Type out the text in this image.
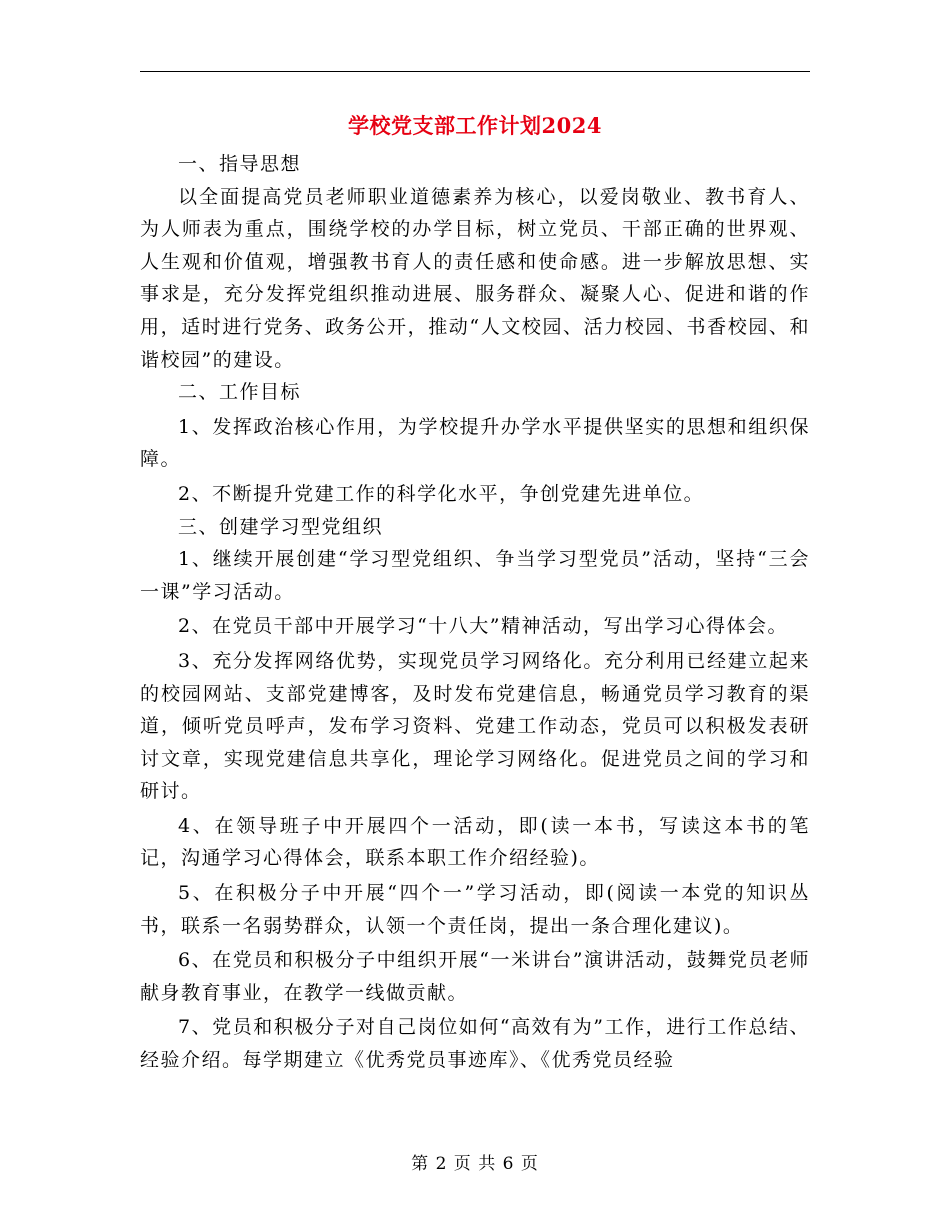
学校党支部工作计划2024

一、指导思想

以全面提高党员老师职业道德素养为核心，以爱岗敬业、教书育人、为人师表为重点，围绕学校的办学目标，树立党员、干部正确的世界观、人生观和价值观，增强教书育人的责任感和使命感。进一步解放思想、实事求是，充分发挥党组织推动进展、服务群众、凝聚人心、促进和谐的作用，适时进行党务、政务公开，推动“人文校园、活力校园、书香校园、和谐校园”的建设。

二、工作目标

1、发挥政治核心作用，为学校提升办学水平提供坚实的思想和组织保障。

2、不断提升党建工作的科学化水平，争创党建先进单位。

三、创建学习型党组织

1、继续开展创建“学习型党组织、争当学习型党员”活动，坚持“三会一课”学习活动。

2、在党员干部中开展学习“十八大”精神活动，写出学习心得体会。

3、充分发挥网络优势，实现党员学习网络化。充分利用已经建立起来的校园网站、支部党建博客，及时发布党建信息，畅通党员学习教育的渠道，倾听党员呼声，发布学习资料、党建工作动态，党员可以积极发表研讨文章，实现党建信息共享化，理论学习网络化。促进党员之间的学习和研讨。

4、在领导班子中开展四个一活动，即(读一本书，写读这本书的笔记，沟通学习心得体会，联系本职工作介绍经验)。

5、在积极分子中开展“四个一”学习活动，即(阅读一本党的知识丛书，联系一名弱势群众，认领一个责任岗，提出一条合理化建议)。

6、在党员和积极分子中组织开展“一米讲台”演讲活动，鼓舞党员老师献身教育事业，在教学一线做贡献。

7、党员和积极分子对自己岗位如何“高效有为”工作，进行工作总结、经验介绍。每学期建立《优秀党员事迹库》、《优秀党员经验

第 2 页 共 6 页
